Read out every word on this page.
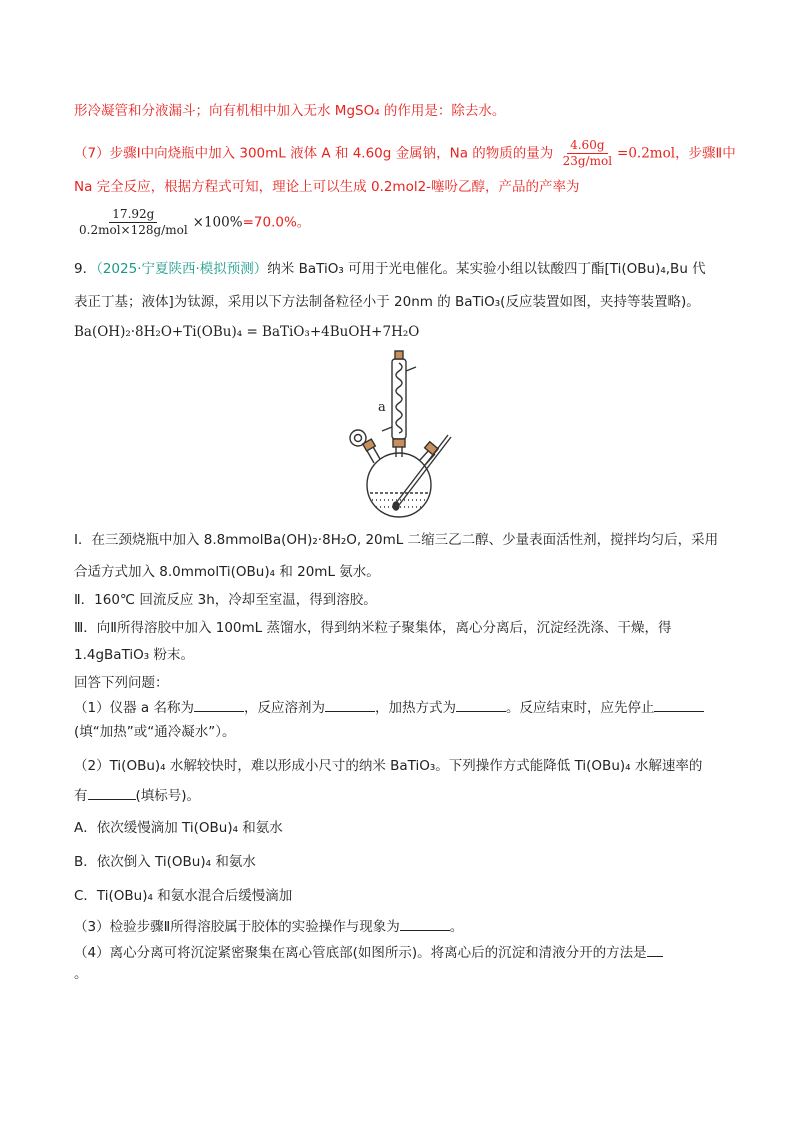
形冷凝管和分液漏斗；向有机相中加入无水 MgSO₄ 的作用是：除去水。
（7）步骤Ⅰ中向烧瓶中加入 300mL 液体 A 和 4.60g 金属钠，Na 的物质的量为 $\frac{4.60g}{\text{23g/mol}} =0.2mol$，步骤Ⅱ中
Na 完全反应，根据方程式可知，理论上可以生成 0.2mol2-噻吩乙醇，产品的产率为
$\frac{17.92g}{\text{0.2mol×128g/mol}} \times 100\%=70.0\%$。
9．（2025·宁夏陕西·模拟预测）纳米 BaTiO₃ 可用于光电催化。某实验小组以钛酸四丁酯[Ti(OBu)₄,Bu 代
表正丁基；液体]为钛源，采用以下方法制备粒径小于 20nm 的 BaTiO₃(反应装置如图，夹持等装置略)。
Ba(OH)₂·8H₂O+Ti(OBu)₄ = BaTiO₃+4BuOH+7H₂O
a
Ⅰ．在三颈烧瓶中加入 8.8mmolBa(OH)₂·8H₂O, 20mL 二缩三乙二醇、少量表面活性剂，搅拌均匀后，采用
合适方式加入 8.0mmolTi(OBu)₄ 和 20mL 氨水。
Ⅱ．160℃ 回流反应 3h，冷却至室温，得到溶胶。
Ⅲ．向Ⅱ所得溶胶中加入 100mL 蒸馏水，得到纳米粒子聚集体，离心分离后，沉淀经洗涤、干燥，得
1.4gBaTiO₃ 粉末。
回答下列问题：
（1）仪器 a 名称为	，反应溶剂为	，加热方式为	。反应结束时，应先停止
(填“加热”或“通冷凝水”）。
（2）Ti(OBu)₄ 水解较快时，难以形成小尺寸的纳米 BaTiO₃。下列操作方式能降低 Ti(OBu)₄ 水解速率的
有	(填标号)。
A．依次缓慢滴加 Ti(OBu)₄ 和氨水
B．依次倒入 Ti(OBu)₄ 和氨水
C．Ti(OBu)₄ 和氨水混合后缓慢滴加
（3）检验步骤Ⅱ所得溶胶属于胶体的实验操作与现象为	。
（4）离心分离可将沉淀紧密聚集在离心管底部(如图所示)。将离心后的沉淀和清液分开的方法是
。
